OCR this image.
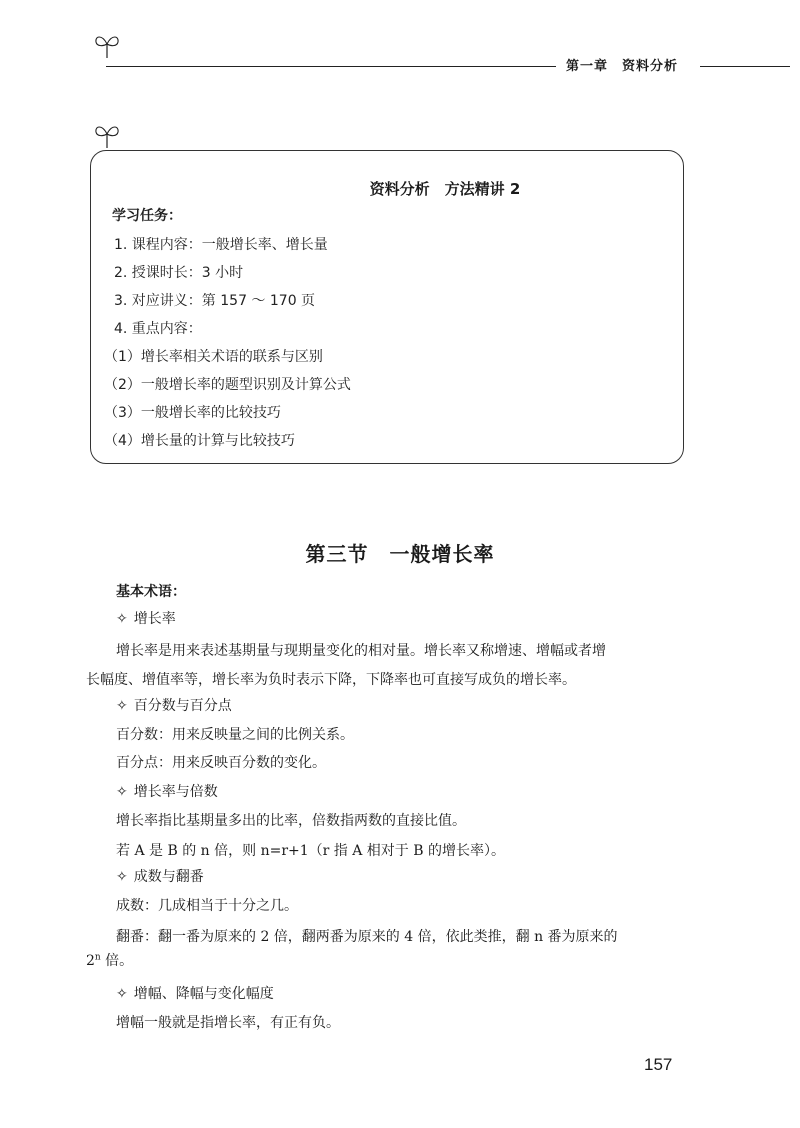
第一章　资料分析
资料分析　方法精讲 2
学习任务：
1. 课程内容：一般增长率、增长量
2. 授课时长：3 小时
3. 对应讲义：第 157 ～ 170 页
4. 重点内容：
（1）增长率相关术语的联系与区别
（2）一般增长率的题型识别及计算公式
（3）一般增长率的比较技巧
（4）增长量的计算与比较技巧
第三节　一般增长率
基本术语：
✧ 增长率
增长率是用来表述基期量与现期量变化的相对量。增长率又称增速、增幅或者增
长幅度、增值率等，增长率为负时表示下降，下降率也可直接写成负的增长率。
✧ 百分数与百分点
百分数：用来反映量之间的比例关系。
百分点：用来反映百分数的变化。
✧ 增长率与倍数
增长率指比基期量多出的比率，倍数指两数的直接比值。
若 A 是 B 的 n 倍，则 n=r+1（r 指 A 相对于 B 的增长率）。
✧ 成数与翻番
成数：几成相当于十分之几。
翻番：翻一番为原来的 2 倍，翻两番为原来的 4 倍，依此类推，翻 n 番为原来的
2$^n$ 倍。
✧ 增幅、降幅与变化幅度
增幅一般就是指增长率，有正有负。
157
